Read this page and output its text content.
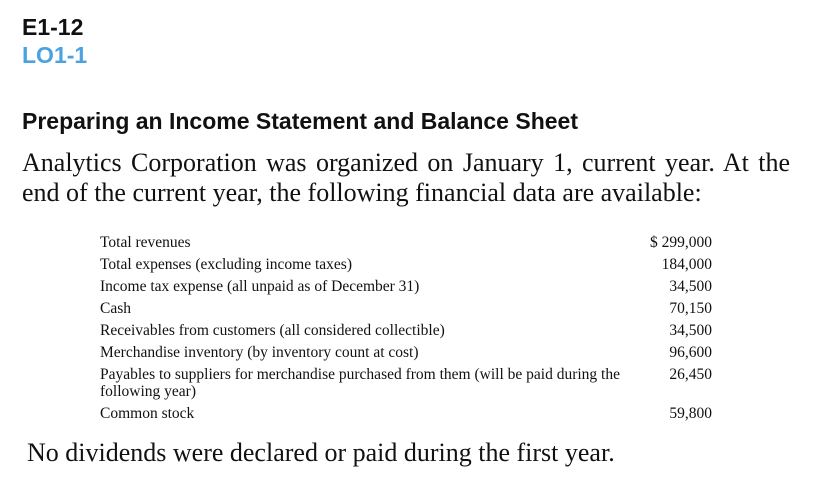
E1-12
LO1-1
Preparing an Income Statement and Balance Sheet

Analytics Corporation was organized on January 1, current year. At the end of the current year, the following financial data are available:

Total revenues	$ 299,000
Total expenses (excluding income taxes)	184,000
Income tax expense (all unpaid as of December 31)	34,500
Cash	70,150
Receivables from customers (all considered collectible)	34,500
Merchandise inventory (by inventory count at cost)	96,600
Payables to suppliers for merchandise purchased from them (will be paid during the following year)	26,450
Common stock	59,800

No dividends were declared or paid during the first year.
